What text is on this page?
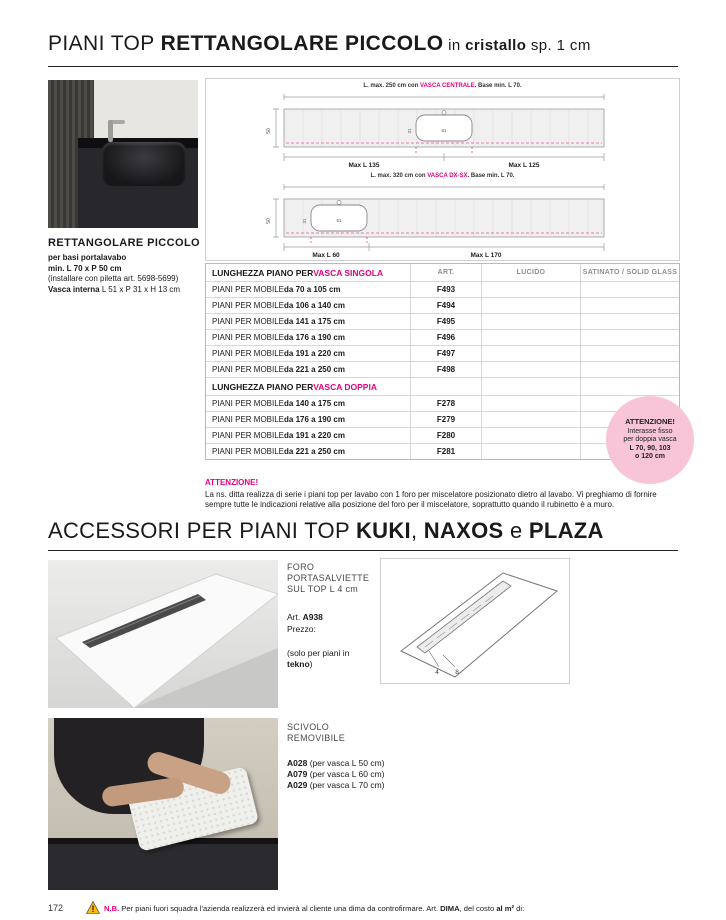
PIANI TOP RETTANGOLARE PICCOLO in cristallo sp. 1 cm
RETTANGOLARE PICCOLO
per basi portalavabo
min. L 70 x P 50 cm
(installare con piletta art. 5698-5699)
Vasca interna L 51 x P 31 x H 13 cm
L. max. 250 cm con VASCA CENTRALE. Base min. L 70.
50	31	51
Max L 135	Max L 125
L. max. 320 cm con VASCA DX-SX. Base min. L 70.
50	31	51
Max L 60	Max L 170
LUNGHEZZA PIANO PER VASCA SINGOLA	ART.	LUCIDO	SATINATO / SOLID GLASS
PIANI PER MOBILE da 70 a 105 cm	F493
PIANI PER MOBILE da 106 a 140 cm	F494
PIANI PER MOBILE da 141 a 175 cm	F495
PIANI PER MOBILE da 176 a 190 cm	F496
PIANI PER MOBILE da 191 a 220 cm	F497
PIANI PER MOBILE da 221 a 250 cm	F498
LUNGHEZZA PIANO PER VASCA DOPPIA
PIANI PER MOBILE da 140 a 175 cm	F278
PIANI PER MOBILE da 176 a 190 cm	F279
PIANI PER MOBILE da 191 a 220 cm	F280
PIANI PER MOBILE da 221 a 250 cm	F281
ATTENZIONE!
Interasse fisso
per doppia vasca
L 70, 90, 103
o 120 cm
ATTENZIONE!
La ns. ditta realizza di serie i piani top per lavabo con 1 foro per miscelatore posizionato dietro al lavabo. Vi preghiamo di fornire sempre tutte le indicazioni relative alla posizione del foro per il miscelatore, soprattutto quando il rubinetto è a muro.
ACCESSORI PER PIANI TOP KUKI, NAXOS e PLAZA
FORO
PORTASALVIETTE
SUL TOP L 4 cm
Art. A938
Prezzo:
(solo per piani in
tekno)
4	8
SCIVOLO
REMOVIBILE
A028 (per vasca L 50 cm)
A079 (per vasca L 60 cm)
A029 (per vasca L 70 cm)
172	! N.B. Per piani fuori squadra l'azienda realizzerà ed invierà al cliente una dima da controfirmare. Art. DIMA, del costo al m² di:
